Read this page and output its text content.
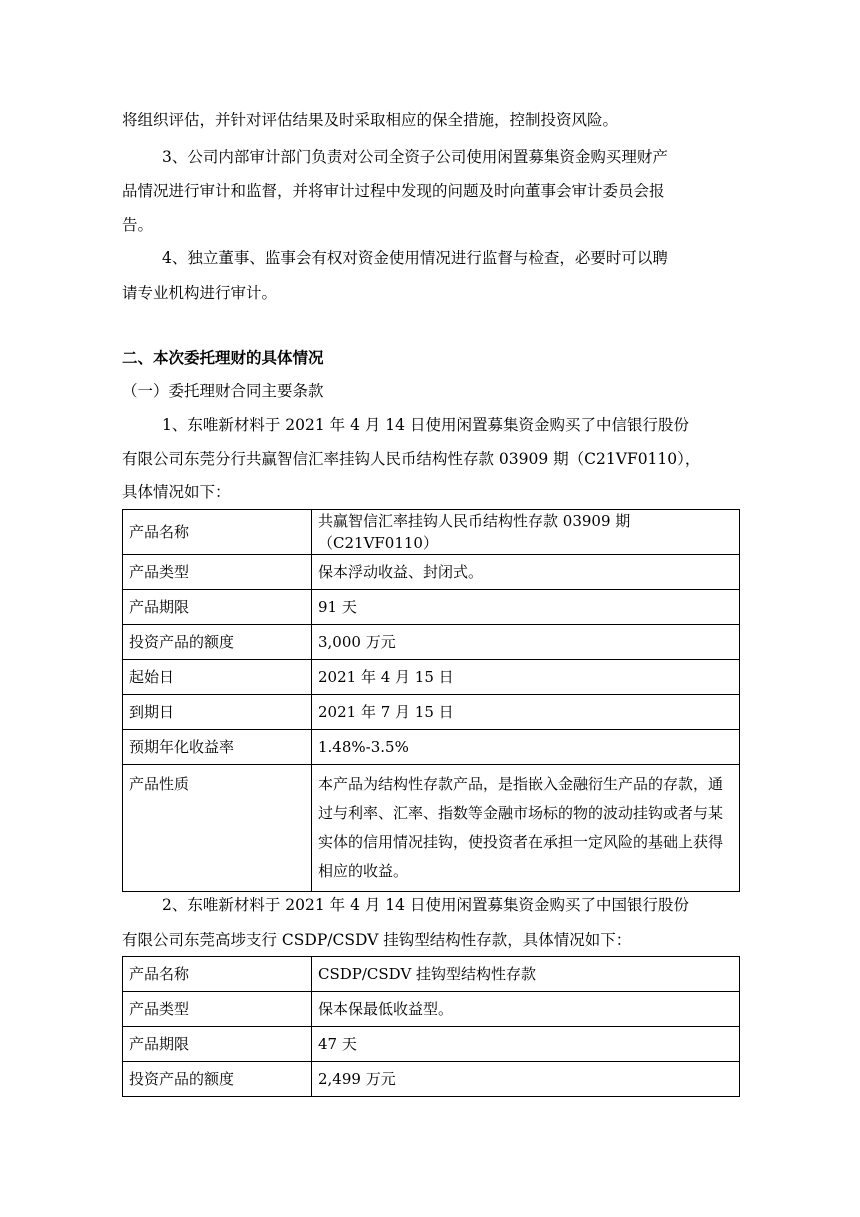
将组织评估，并针对评估结果及时采取相应的保全措施，控制投资风险。
3、公司内部审计部门负责对公司全资子公司使用闲置募集资金购买理财产
品情况进行审计和监督，并将审计过程中发现的问题及时向董事会审计委员会报
告。
4、独立董事、监事会有权对资金使用情况进行监督与检查，必要时可以聘
请专业机构进行审计。
二、本次委托理财的具体情况
（一）委托理财合同主要条款
1、东唯新材料于 2021 年 4 月 14 日使用闲置募集资金购买了中信银行股份
有限公司东莞分行共赢智信汇率挂钩人民币结构性存款 03909 期（C21VF0110），
具体情况如下：
产品名称	共赢智信汇率挂钩人民币结构性存款 03909 期（C21VF0110）
产品类型	保本浮动收益、封闭式。
产品期限	91 天
投资产品的额度	3,000 万元
起始日	2021 年 4 月 15 日
到期日	2021 年 7 月 15 日
预期年化收益率	1.48%-3.5%
产品性质	本产品为结构性存款产品，是指嵌入金融衍生产品的存款，通过与利率、汇率、指数等金融市场标的物的波动挂钩或者与某实体的信用情况挂钩，使投资者在承担一定风险的基础上获得相应的收益。
2、东唯新材料于 2021 年 4 月 14 日使用闲置募集资金购买了中国银行股份
有限公司东莞高埗支行 CSDP/CSDV 挂钩型结构性存款，具体情况如下：
产品名称	CSDP/CSDV 挂钩型结构性存款
产品类型	保本保最低收益型。
产品期限	47 天
投资产品的额度	2,499 万元
